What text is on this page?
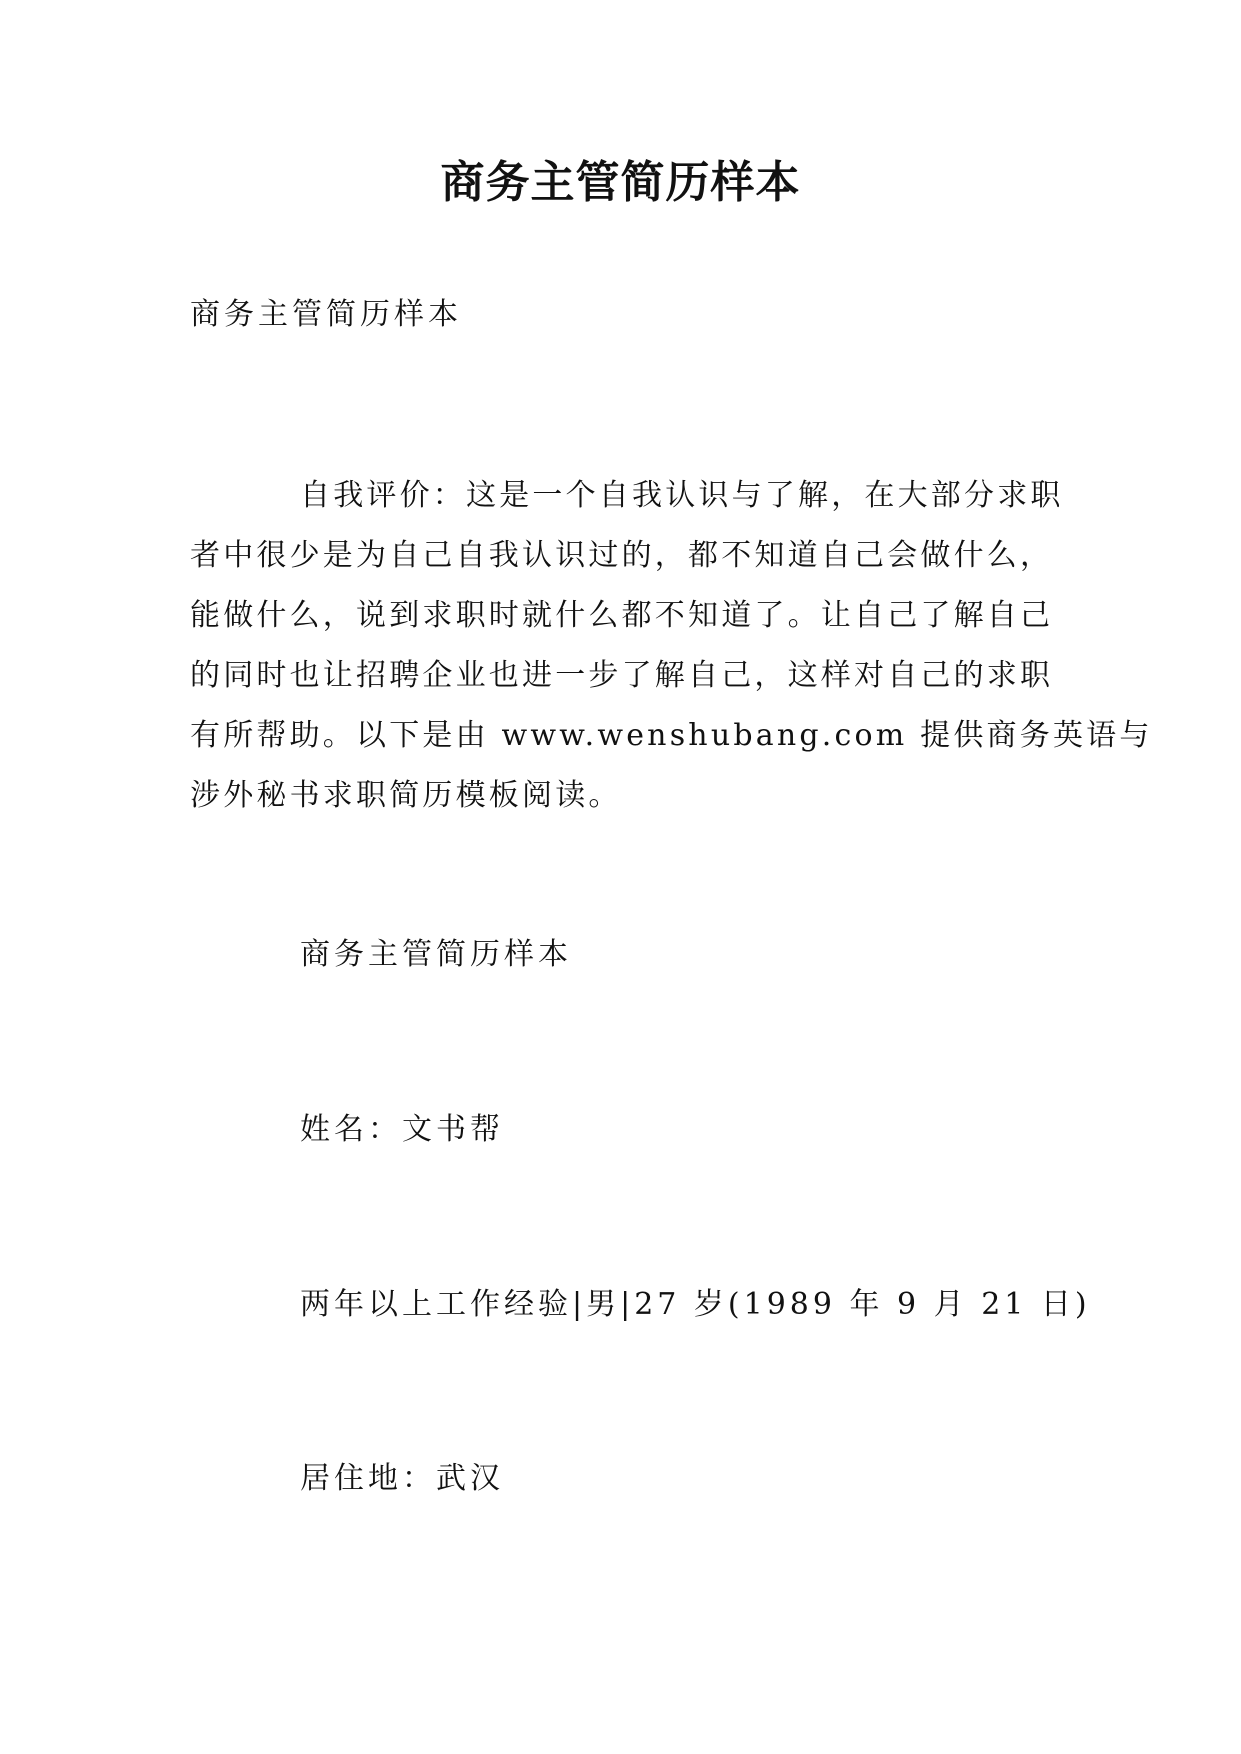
商务主管简历样本

商务主管简历样本

自我评价：这是一个自我认识与了解，在大部分求职
者中很少是为自己自我认识过的，都不知道自己会做什么，
能做什么，说到求职时就什么都不知道了。让自己了解自己
的同时也让招聘企业也进一步了解自己，这样对自己的求职
有所帮助。以下是由 www.wenshubang.com 提供商务英语与
涉外秘书求职简历模板阅读。

商务主管简历样本

姓名：文书帮

两年以上工作经验|男|27 岁(1989 年 9 月 21 日)

居住地：武汉
